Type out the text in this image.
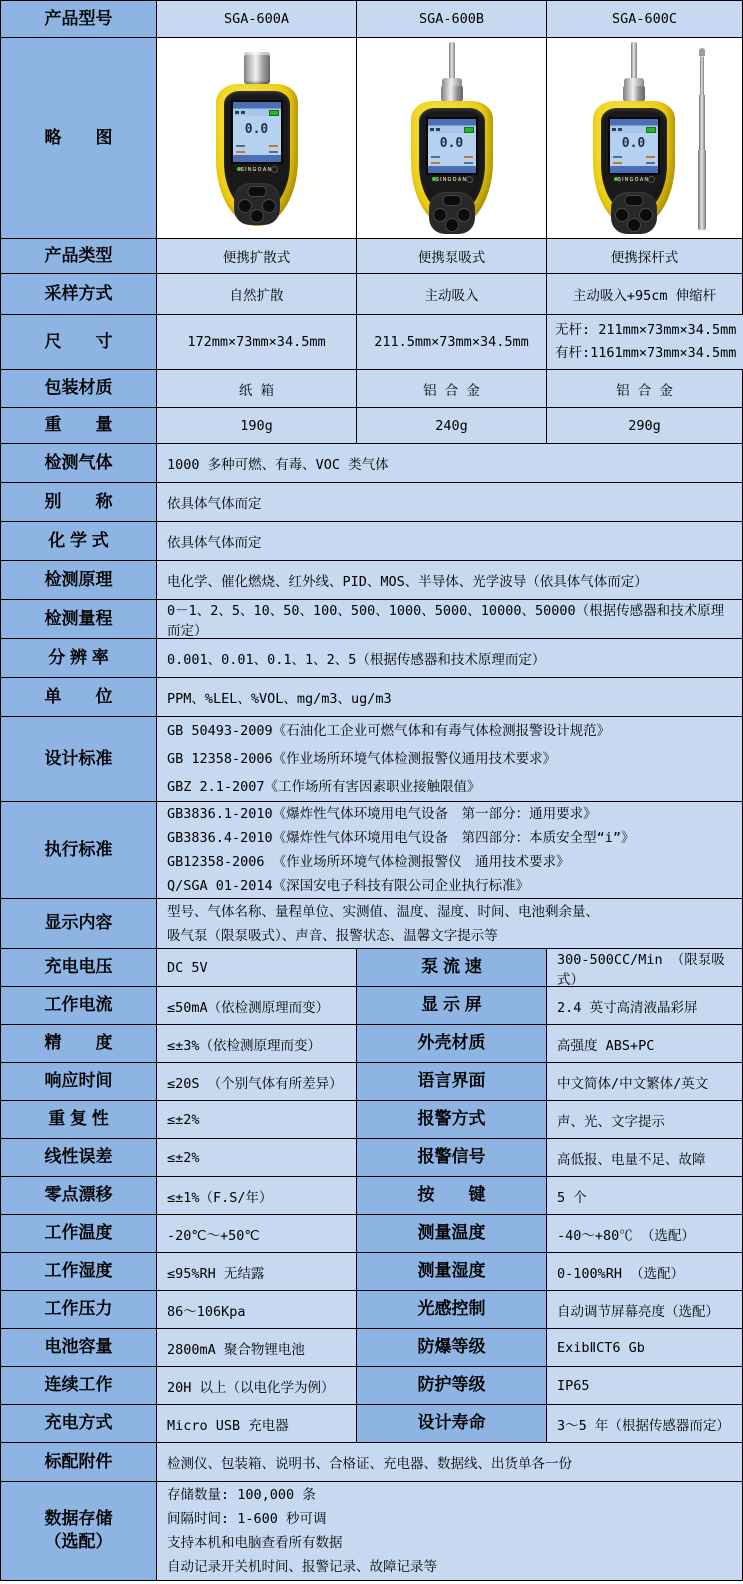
产品型号	SGA-600A	SGA-600B	SGA-600C
略　　图	0.0
SINGOAN
0.0
SINGOAN
0.0
SINGOAN
产品类型	便携扩散式	便携泵吸式	便携探杆式
采样方式	自然扩散	主动吸入	主动吸入+95cm 伸缩杆
尺　　寸	172mm×73mm×34.5mm	211.5mm×73mm×34.5mm
无杆: 211mm×73mm×34.5mm
有杆:1161mm×73mm×34.5mm
包装材质	纸 箱	铝 合 金	铝 合 金
重　　量	190g	240g	290g
检测气体	1000 多种可燃、有毒、VOC 类气体
别　　称	依具体气体而定
化 学 式	依具体气体而定
检测原理	电化学、催化燃烧、红外线、PID、MOS、半导体、光学波导（依具体气体而定）
检测量程	0－1、2、5、10、50、100、500、1000、5000、10000、50000（根据传感器和技术原理而定）
分 辨 率	0.001、0.01、0.1、1、2、5（根据传感器和技术原理而定）
单　　位	PPM、%LEL、%VOL、mg/m3、ug/m3
设计标准
GB 50493-2009《石油化工企业可燃气体和有毒气体检测报警设计规范》
GB 12358-2006《作业场所环境气体检测报警仪通用技术要求》
GBZ 2.1-2007《工作场所有害因素职业接触限值》
执行标准
GB3836.1-2010《爆炸性气体环境用电气设备　第一部分：通用要求》
GB3836.4-2010《爆炸性气体环境用电气设备　第四部分：本质安全型“i”》
GB12358-2006 《作业场所环境气体检测报警仪　通用技术要求》
Q/SGA 01-2014《深国安电子科技有限公司企业执行标准》
显示内容
型号、气体名称、量程单位、实测值、温度、湿度、时间、电池剩余量、
吸气泵（限泵吸式）、声音、报警状态、温馨文字提示等
充电电压	DC 5V	泵 流 速	300-500CC/Min （限泵吸式）
工作电流	≤50mA（依检测原理而变）	显 示 屏	2.4 英寸高清液晶彩屏
精　　度	≤±3%（依检测原理而变）	外壳材质	高强度 ABS+PC
响应时间	≤20S （个别气体有所差异）	语言界面	中文简体/中文繁体/英文
重 复 性	≤±2%	报警方式	声、光、文字提示
线性误差	≤±2%	报警信号	高低报、电量不足、故障
零点漂移	≤±1%（F.S/年）	按　　键	5 个
工作温度	-20℃～+50℃	测量温度	-40～+80℃ （选配）
工作湿度	≤95%RH 无结露	测量湿度	0-100%RH （选配）
工作压力	86～106Kpa	光感控制	自动调节屏幕亮度（选配）
电池容量	2800mA 聚合物锂电池	防爆等级	ExibⅡCT6 Gb
连续工作	20H 以上（以电化学为例）	防护等级	IP65
充电方式	Micro USB 充电器	设计寿命	3～5 年（根据传感器而定）
标配附件	检测仪、包装箱、说明书、合格证、充电器、数据线、出货单各一份
数据存储
（选配）
存储数量: 100,000 条
间隔时间: 1-600 秒可调
支持本机和电脑查看所有数据
自动记录开关机时间、报警记录、故障记录等
